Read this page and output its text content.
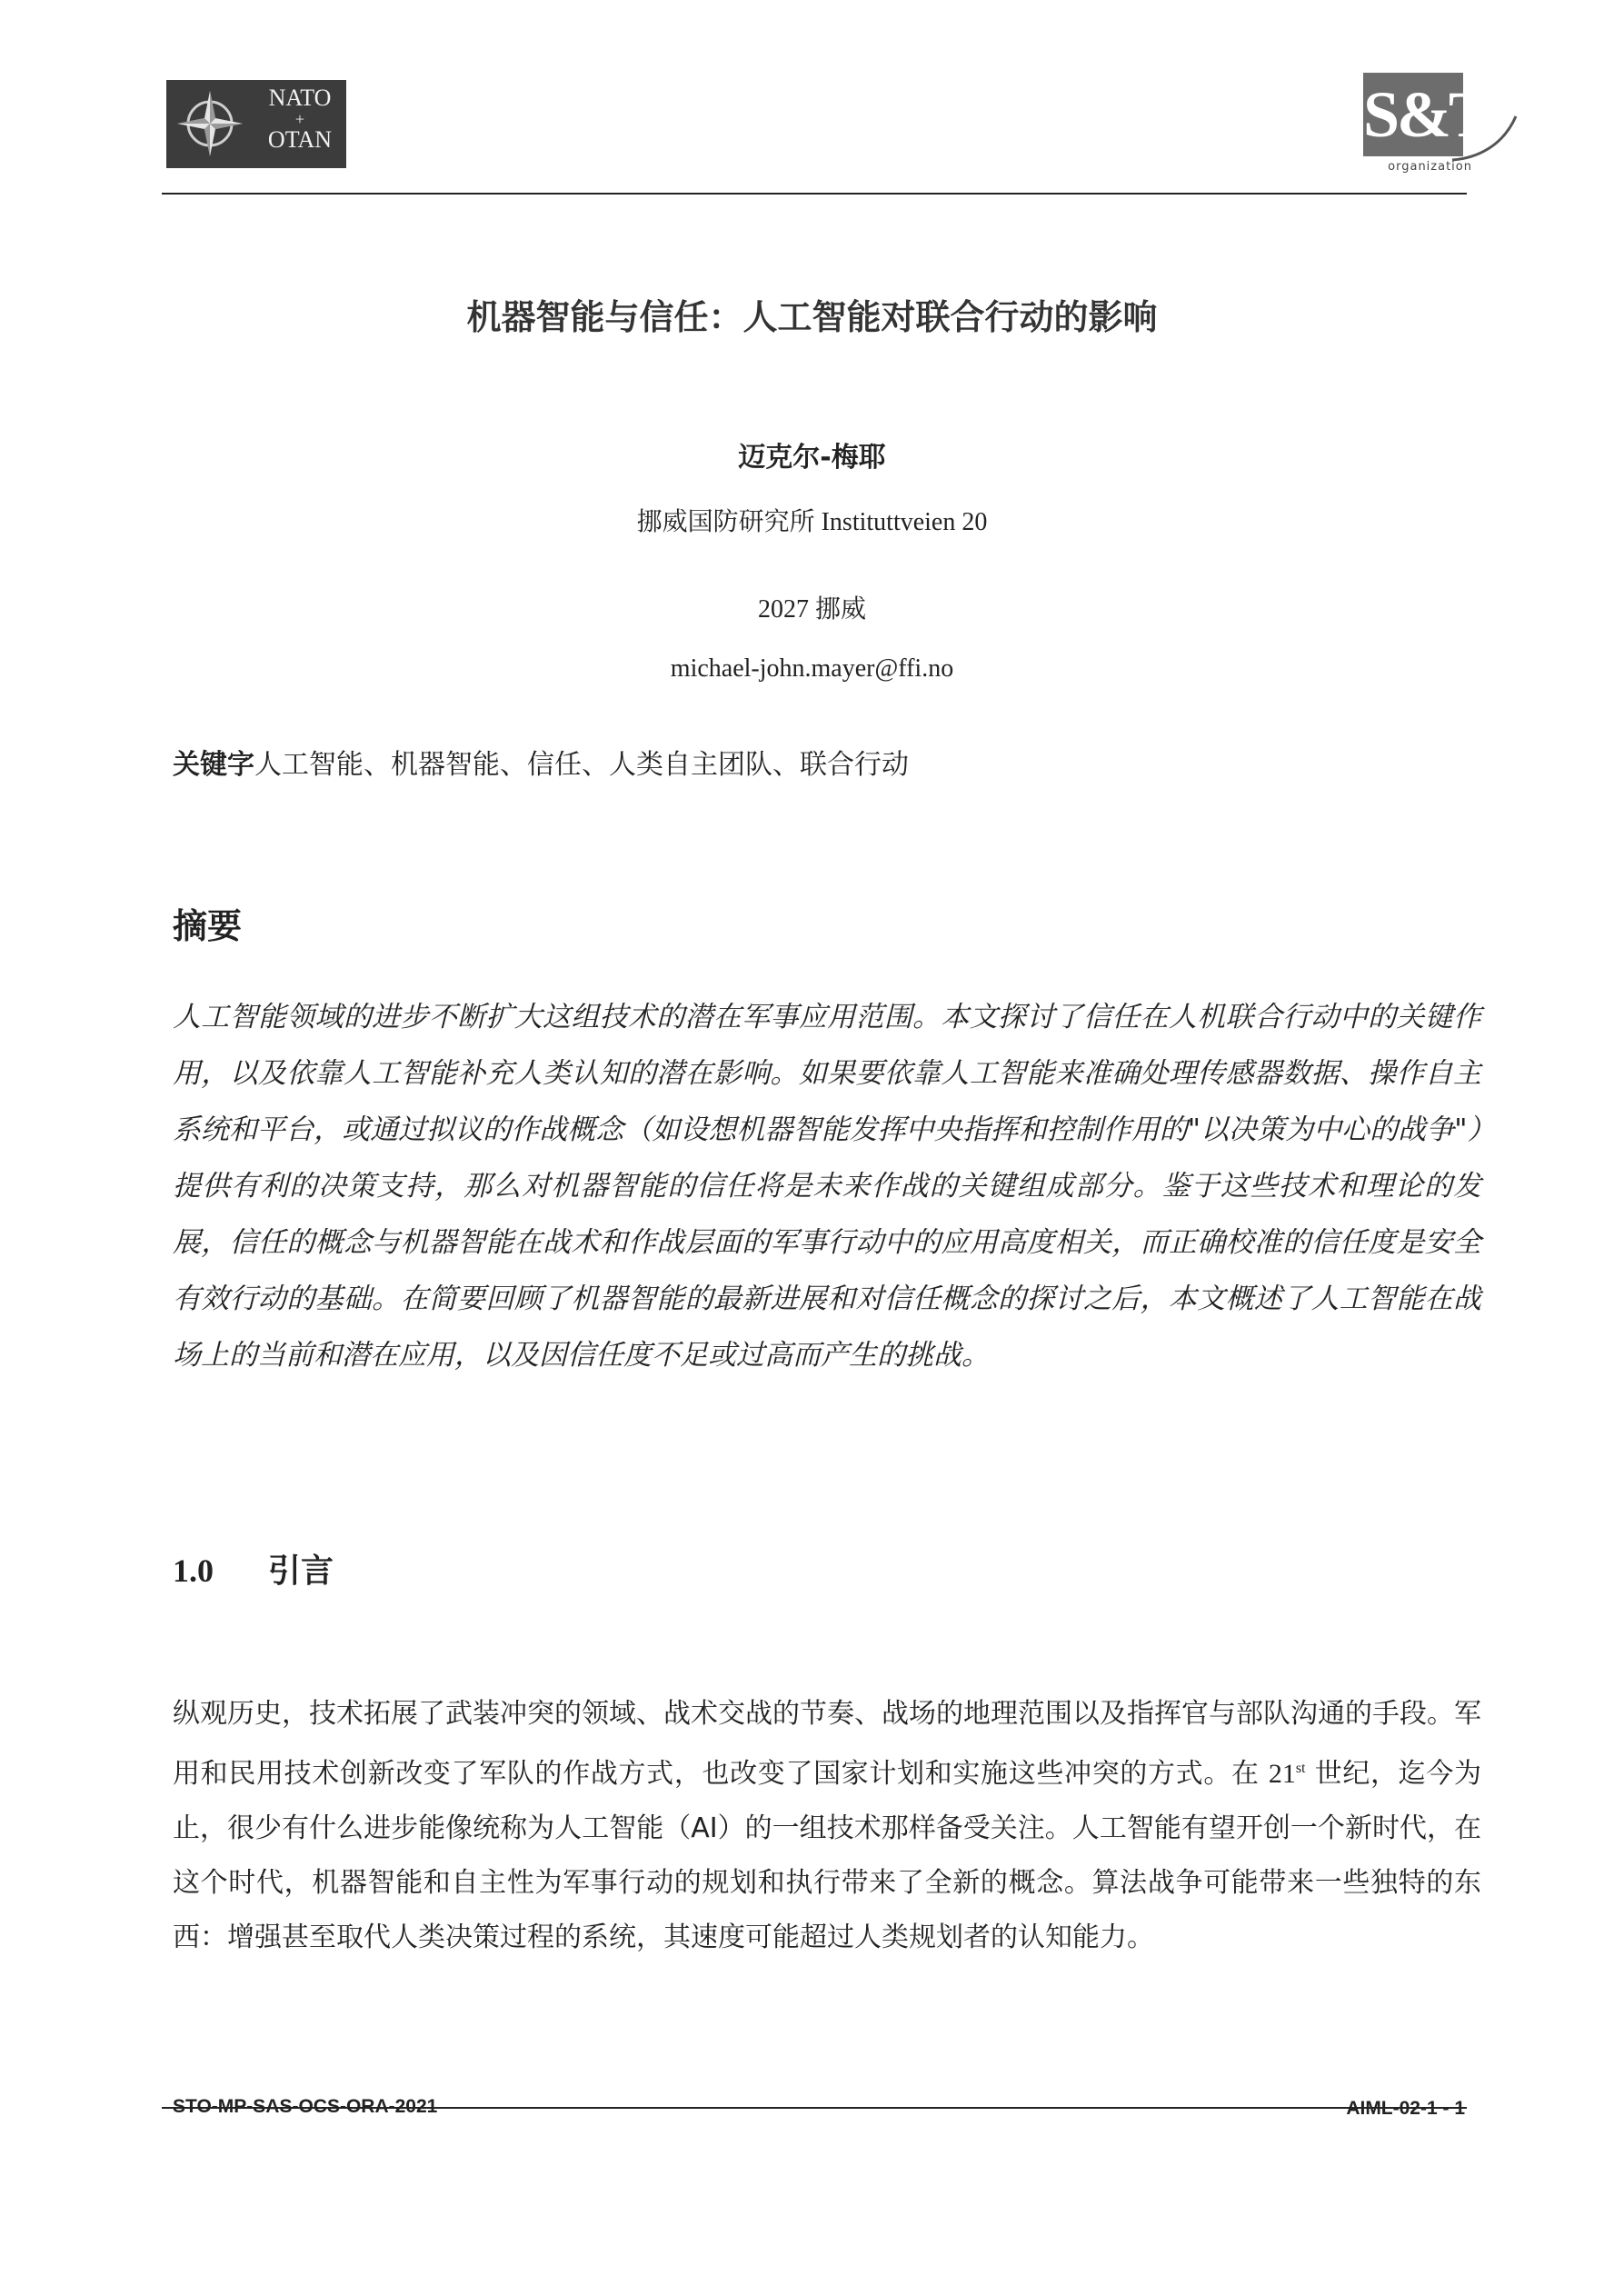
NATO
+
OTAN	S&T
organization
机器智能与信任：人工智能对联合行动的影响
迈克尔-梅耶
挪威国防研究所 Instituttveien 20
2027 挪威
michael-john.mayer@ffi.no
关键字人工智能、机器智能、信任、人类自主团队、联合行动
摘要
人工智能领域的进步不断扩大这组技术的潜在军事应用范围。本文探讨了信任在人机联合行动中的关键作用，以及依靠人工智能补充人类认知的潜在影响。如果要依靠人工智能来准确处理传感器数据、操作自主系统和平台，或通过拟议的作战概念（如设想机器智能发挥中央指挥和控制作用的"以决策为中心的战争"）提供有利的决策支持，那么对机器智能的信任将是未来作战的关键组成部分。鉴于这些技术和理论的发展，信任的概念与机器智能在战术和作战层面的军事行动中的应用高度相关，而正确校准的信任度是安全有效行动的基础。在简要回顾了机器智能的最新进展和对信任概念的探讨之后，本文概述了人工智能在战场上的当前和潜在应用，以及因信任度不足或过高而产生的挑战。
1.0 引言
纵观历史，技术拓展了武装冲突的领域、战术交战的节奏、战场的地理范围以及指挥官与部队沟通的手段。军用和民用技术创新改变了军队的作战方式，也改变了国家计划和实施这些冲突的方式。在 21st 世纪，迄今为止，很少有什么进步能像统称为人工智能（AI）的一组技术那样备受关注。人工智能有望开创一个新时代，在这个时代，机器智能和自主性为军事行动的规划和执行带来了全新的概念。算法战争可能带来一些独特的东西：增强甚至取代人类决策过程的系统，其速度可能超过人类规划者的认知能力。
STO-MP-SAS-OCS-ORA-2021	AIML-02-1 - 1
